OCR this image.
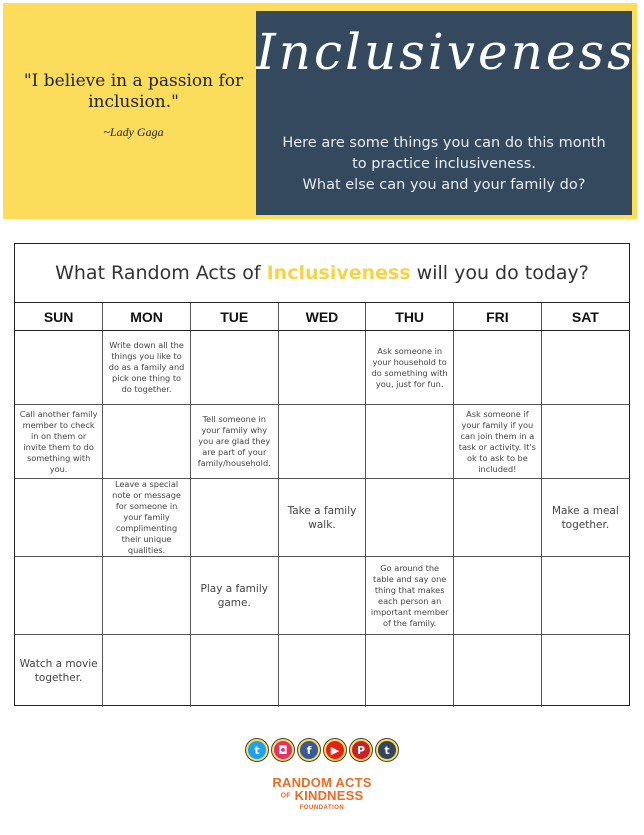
"I believe in a passion for inclusion."
~Lady Gaga
Inclusiveness
Here are some things you can do this month
to practice inclusiveness.
What else can you and your family do?
What Random Acts of Inclusiveness will you do today?
SUN	MON	TUE	WED	THU	FRI	SAT
	Write down all the things you like to do as a family and pick one thing to do together.			Ask someone in your household to do something with you, just for fun.		
Call another family member to check in on them or invite them to do something with you.		Tell someone in your family why you are glad they are part of your family/household.			Ask someone if your family if you can join them in a task or activity. It's ok to ask to be included!	
	Leave a special note or message for someone in your family complimenting their unique qualities.		Take a family walk.			Make a meal together.
		Play a family game.		Go around the table and say one thing that makes each person an important member of the family.		
Watch a movie together.						
t	◘	f	▶	P	t
RANDOM ACTS
OF KINDNESS
FOUNDATION
